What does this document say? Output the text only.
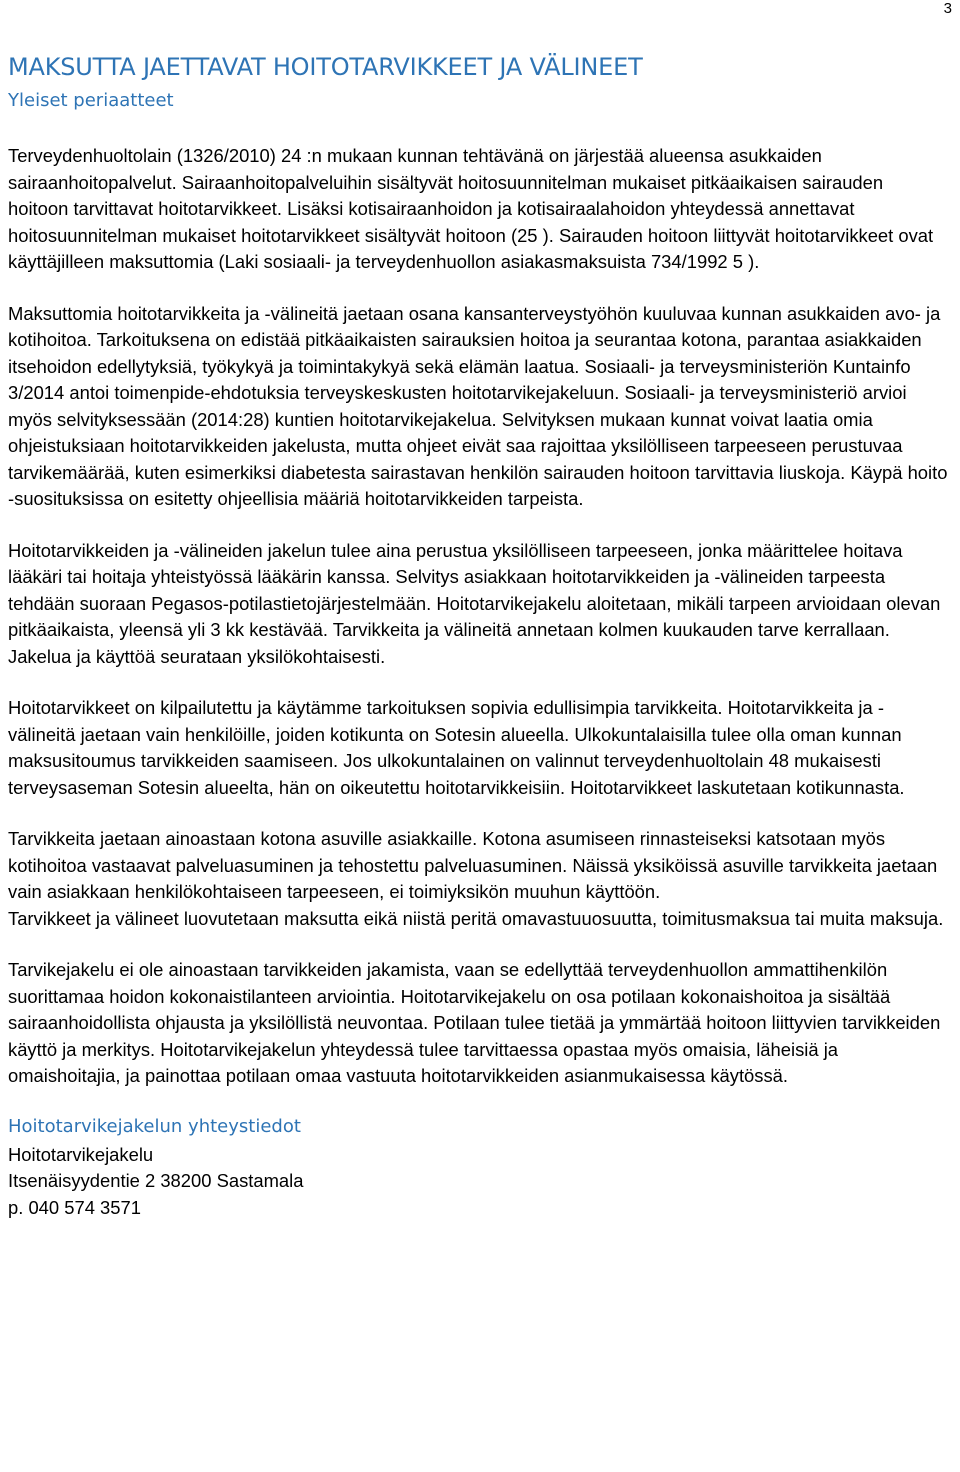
3
MAKSUTTA JAETTAVAT HOITOTARVIKKEET JA VÄLINEET
Yleiset periaatteet

Terveydenhuoltolain (1326/2010) 24 :n mukaan kunnan tehtävänä on järjestää alueensa asukkaiden sairaanhoitopalvelut. Sairaanhoitopalveluihin sisältyvät hoitosuunnitelman mukaiset pitkäaikaisen sairauden hoitoon tarvittavat hoitotarvikkeet. Lisäksi kotisairaanhoidon ja kotisairaalahoidon yhteydessä annettavat hoitosuunnitelman mukaiset hoitotarvikkeet sisältyvät hoitoon (25 ). Sairauden hoitoon liittyvät hoitotarvikkeet ovat käyttäjilleen maksuttomia (Laki sosiaali- ja terveydenhuollon asiakasmaksuista 734/1992 5 ).

Maksuttomia hoitotarvikkeita ja -välineitä jaetaan osana kansanterveystyöhön kuuluvaa kunnan asukkaiden avo- ja kotihoitoa. Tarkoituksena on edistää pitkäaikaisten sairauksien hoitoa ja seurantaa kotona, parantaa asiakkaiden itsehoidon edellytyksiä, työkykyä ja toimintakykyä sekä elämän laatua. Sosiaali- ja terveysministeriön Kuntainfo 3/2014 antoi toimenpide-ehdotuksia terveyskeskusten hoitotarvikejakeluun. Sosiaali- ja terveysministeriö arvioi myös selvityksessään (2014:28) kuntien hoitotarvikejakelua. Selvityksen mukaan kunnat voivat laatia omia ohjeistuksiaan hoitotarvikkeiden jakelusta, mutta ohjeet eivät saa rajoittaa yksilölliseen tarpeeseen perustuvaa tarvikemäärää, kuten esimerkiksi diabetesta sairastavan henkilön sairauden hoitoon tarvittavia liuskoja. Käypä hoito -suosituksissa on esitetty ohjeellisia määriä hoitotarvikkeiden tarpeista.

Hoitotarvikkeiden ja -välineiden jakelun tulee aina perustua yksilölliseen tarpeeseen, jonka määrittelee hoitava lääkäri tai hoitaja yhteistyössä lääkärin kanssa. Selvitys asiakkaan hoitotarvikkeiden ja -välineiden tarpeesta tehdään suoraan Pegasos-potilastietojärjestelmään. Hoitotarvikejakelu aloitetaan, mikäli tarpeen arvioidaan olevan pitkäaikaista, yleensä yli 3 kk kestävää. Tarvikkeita ja välineitä annetaan kolmen kuukauden tarve kerrallaan. Jakelua ja käyttöä seurataan yksilökohtaisesti.

Hoitotarvikkeet on kilpailutettu ja käytämme tarkoituksen sopivia edullisimpia tarvikkeita. Hoitotarvikkeita ja -välineitä jaetaan vain henkilöille, joiden kotikunta on Sotesin alueella. Ulkokuntalaisilla tulee olla oman kunnan maksusitoumus tarvikkeiden saamiseen. Jos ulkokuntalainen on valinnut terveydenhuoltolain 48 mukaisesti terveysaseman Sotesin alueelta, hän on oikeutettu hoitotarvikkeisiin. Hoitotarvikkeet laskutetaan kotikunnasta.

Tarvikkeita jaetaan ainoastaan kotona asuville asiakkaille. Kotona asumiseen rinnasteiseksi katsotaan myös kotihoitoa vastaavat palveluasuminen ja tehostettu palveluasuminen. Näissä yksiköissä asuville tarvikkeita jaetaan vain asiakkaan henkilökohtaiseen tarpeeseen, ei toimiyksikön muuhun käyttöön.

Tarvikkeet ja välineet luovutetaan maksutta eikä niistä peritä omavastuuosuutta, toimitusmaksua tai muita maksuja.

Tarvikejakelu ei ole ainoastaan tarvikkeiden jakamista, vaan se edellyttää terveydenhuollon ammattihenkilön suorittamaa hoidon kokonaistilanteen arviointia. Hoitotarvikejakelu on osa potilaan kokonaishoitoa ja sisältää sairaanhoidollista ohjausta ja yksilöllistä neuvontaa. Potilaan tulee tietää ja ymmärtää hoitoon liittyvien tarvikkeiden käyttö ja merkitys. Hoitotarvikejakelun yhteydessä tulee tarvittaessa opastaa myös omaisia, läheisiä ja omaishoitajia, ja painottaa potilaan omaa vastuuta hoitotarvikkeiden asianmukaisessa käytössä.

Hoitotarvikejakelun yhteystiedot
Hoitotarvikejakelu
Itsenäisyydentie 2 38200 Sastamala
p. 040 574 3571
